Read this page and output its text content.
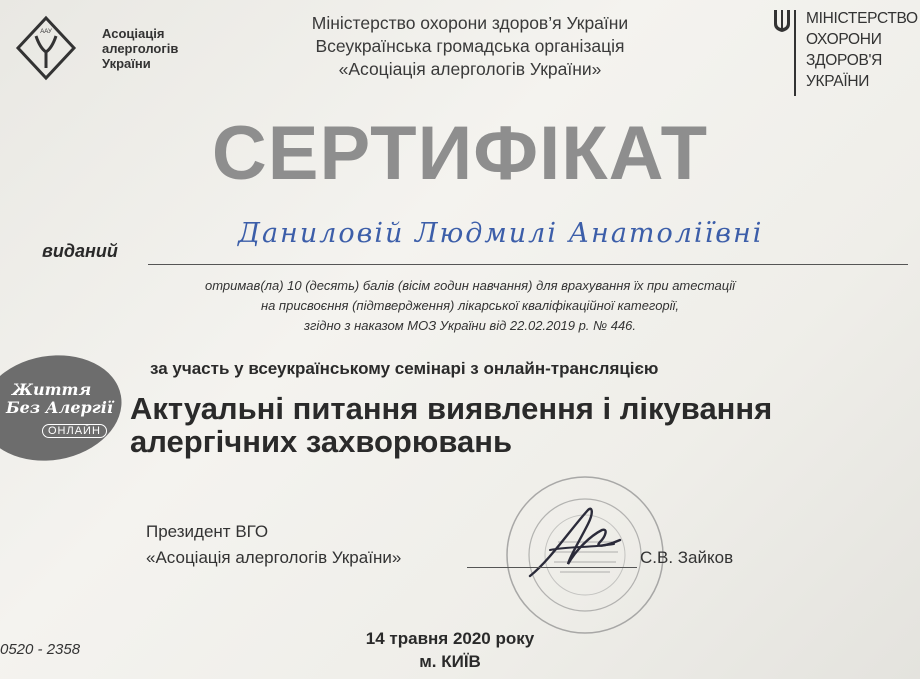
ААУ	Асоціація
алергологів
України
Міністерство охорони здоров’я України
Всеукраїнська громадська організація
«Асоціація алергологів України»
МІНІСТЕРСТВО
ОХОРОНИ
ЗДОРОВ'Я
УКРАЇНИ
СЕРТИФІКАТ
виданий
Даниловій Людмилі Анатоліївні
отримав(ла) 10 (десять) балів (вісім годин навчання) для врахування їх при атестації
на присвоєння (підтвердження) лікарської кваліфікаційної категорії,
згідно з наказом МОЗ України від 22.02.2019 р. № 446.
Життя
Без Алергії
ОНЛАЙН
за участь у всеукраїнському семінарі з онлайн-трансляцією
Актуальні питання виявлення і лікування
алергічних захворювань
Президент ВГО
«Асоціація алергологів України»	С.В. Зайков
0520 - 2358
14 травня 2020 року
м. КИЇВ
